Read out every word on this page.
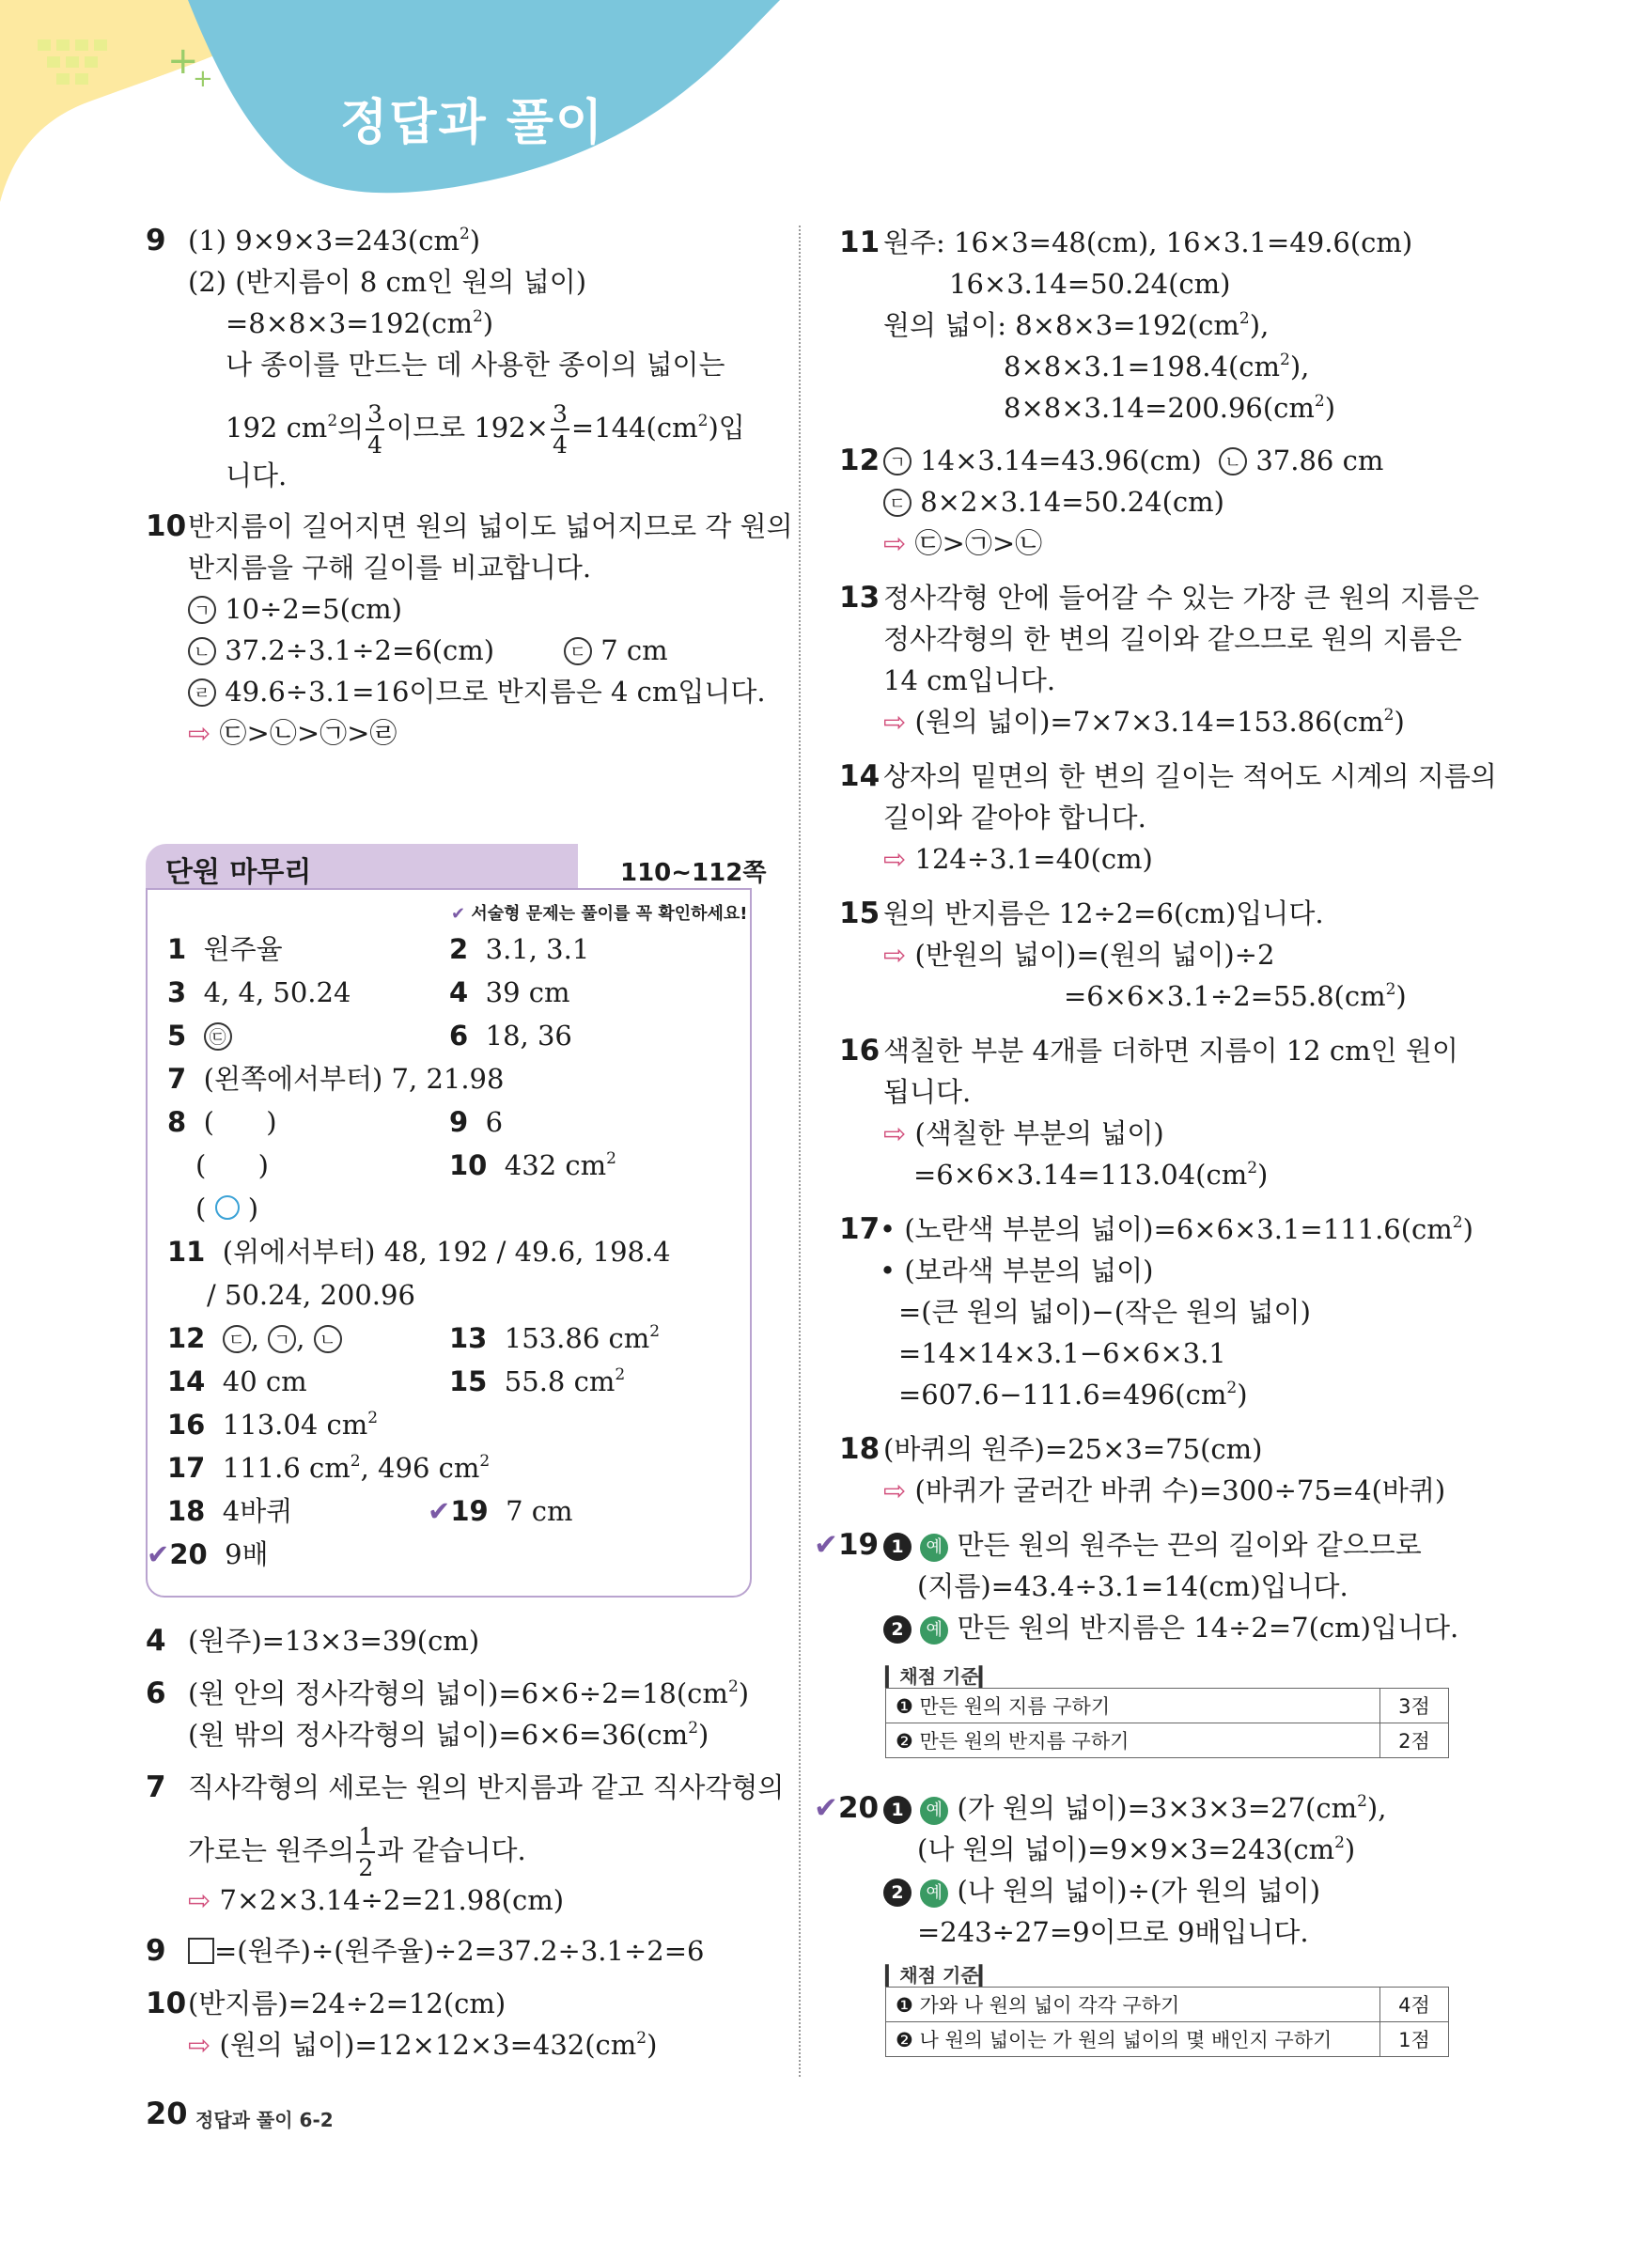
+
+
정답과 풀이
9 (1) $9\times 9\times 3=243(cm^2)$
(2) (반지름이 8 cm인 원의 넓이)
$=8\times 8\times 3=192(cm^2)$
나 종이를 만드는 데 사용한 종이의 넓이는
192 $cm^2$의 $\frac{3}{4}$ 이므로 $192\times \frac{3}{4} =144(cm^2)$입
니다.
10 반지름이 길어지면 원의 넓이도 넓어지므로 각 원의
반지름을 구해 길이를 비교합니다.
ㄱ 10÷2=5(cm)
ㄴ 37.2÷3.1÷2=6(cm)	ㄷ 7 cm
ㄹ 49.6÷3.1=16이므로 반지름은 4 cm입니다.
⇨ ㉢>㉡>㉠>㉣
단원 마무리	110~112쪽
✔ 서술형 문제는 풀이를 꼭 확인하세요!
1 원주율	2 3.1, 3.1
3 4, 4, 50.24	4 39 cm
5 ㉢	6 18, 36
7 (왼쪽에서부터) 7, 21.98
8  (      )	9 6
(      )	10 432 $cm^2$
( ○ )
11 (위에서부터) 48, 192 / 49.6, 198.4
/ 50.24, 200.96
12 ㄷ , ㄱ , ㄴ	13 153.86 $cm^2$
14 40 cm	15 55.8 $cm^2$
16 113.04 $cm^2$
17 111.6 $cm^2$, 496 $cm^2$
18 4바퀴	✔19 7 cm
✔20 9배
4 (원주)=13×3=39(cm)
6 (원 안의 정사각형의 넓이)$=6\times 6\div 2=18(cm^2)$
(원 밖의 정사각형의 넓이)$=6\times 6=36(cm^2)$
7 직사각형의 세로는 원의 반지름과 같고 직사각형의
가로는 원주의 $\frac{1}{2}$ 과 같습니다.
⇨ 7×2×3.14÷2=21.98(cm)
9	=(원주)÷(원주율)÷2=37.2÷3.1÷2=6
10 (반지름)=24÷2=12(cm)
⇨ (원의 넓이)$=12\times 12\times 3=432(cm^2)$
11 원주: 16×3=48(cm), 16×3.1=49.6(cm)
16×3.14=50.24(cm)
원의 넓이: $8\times 8\times 3=192(cm^2)$,
$8\times 8\times 3.1=198.4(cm^2)$,
$8\times 8\times 3.14=200.96(cm^2)$
12 ㄱ 14×3.14=43.96(cm) ㄴ 37.86 cm
ㄷ 8×2×3.14=50.24(cm)
⇨ ㉢>㉠>㉡
13 정사각형 안에 들어갈 수 있는 가장 큰 원의 지름은
정사각형의 한 변의 길이와 같으므로 원의 지름은
14 cm입니다.
⇨ (원의 넓이)$=7\times 7\times 3.14=153.86(cm^2)$
14 상자의 밑면의 한 변의 길이는 적어도 시계의 지름의
길이와 같아야 합니다.
⇨ 124÷3.1=40(cm)
15 원의 반지름은 12÷2=6(cm)입니다.
⇨ (반원의 넓이)=(원의 넓이)÷2
$=6\times 6\times 3.1\div 2=55.8(cm^2)$
16 색칠한 부분 4개를 더하면 지름이 12 cm인 원이
됩니다.
⇨ (색칠한 부분의 넓이)
$=6\times 6\times 3.14=113.04(cm^2)$
17 • (노란색 부분의 넓이)$=6\times 6\times 3.1=111.6(cm^2)$
• (보라색 부분의 넓이)
=(큰 원의 넓이)−(작은 원의 넓이)
=14×14×3.1−6×6×3.1
$=607.6-111.6=496(cm^2)$
18 (바퀴의 원주)=25×3=75(cm)
⇨ (바퀴가 굴러간 바퀴 수)=300÷75=4(바퀴)
✔19 1 예 만든 원의 원주는 끈의 길이와 같으므로
(지름)=43.4÷3.1=14(cm)입니다.
2 예 만든 원의 반지름은 14÷2=7(cm)입니다.
▎채점 기준▎
❶ 만든 원의 지름 구하기	3점
❷ 만든 원의 반지름 구하기	2점
✔20 1 예 (가 원의 넓이)$=3\times 3\times 3=27(cm^2)$,
(나 원의 넓이)$=9\times 9\times 3=243(cm^2)$
2 예 (나 원의 넓이)÷(가 원의 넓이)
=243÷27=9이므로 9배입니다.
▎채점 기준▎
❶ 가와 나 원의 넓이 각각 구하기	4점
❷ 나 원의 넓이는 가 원의 넓이의 몇 배인지 구하기	1점
20 정답과 풀이 6-2
